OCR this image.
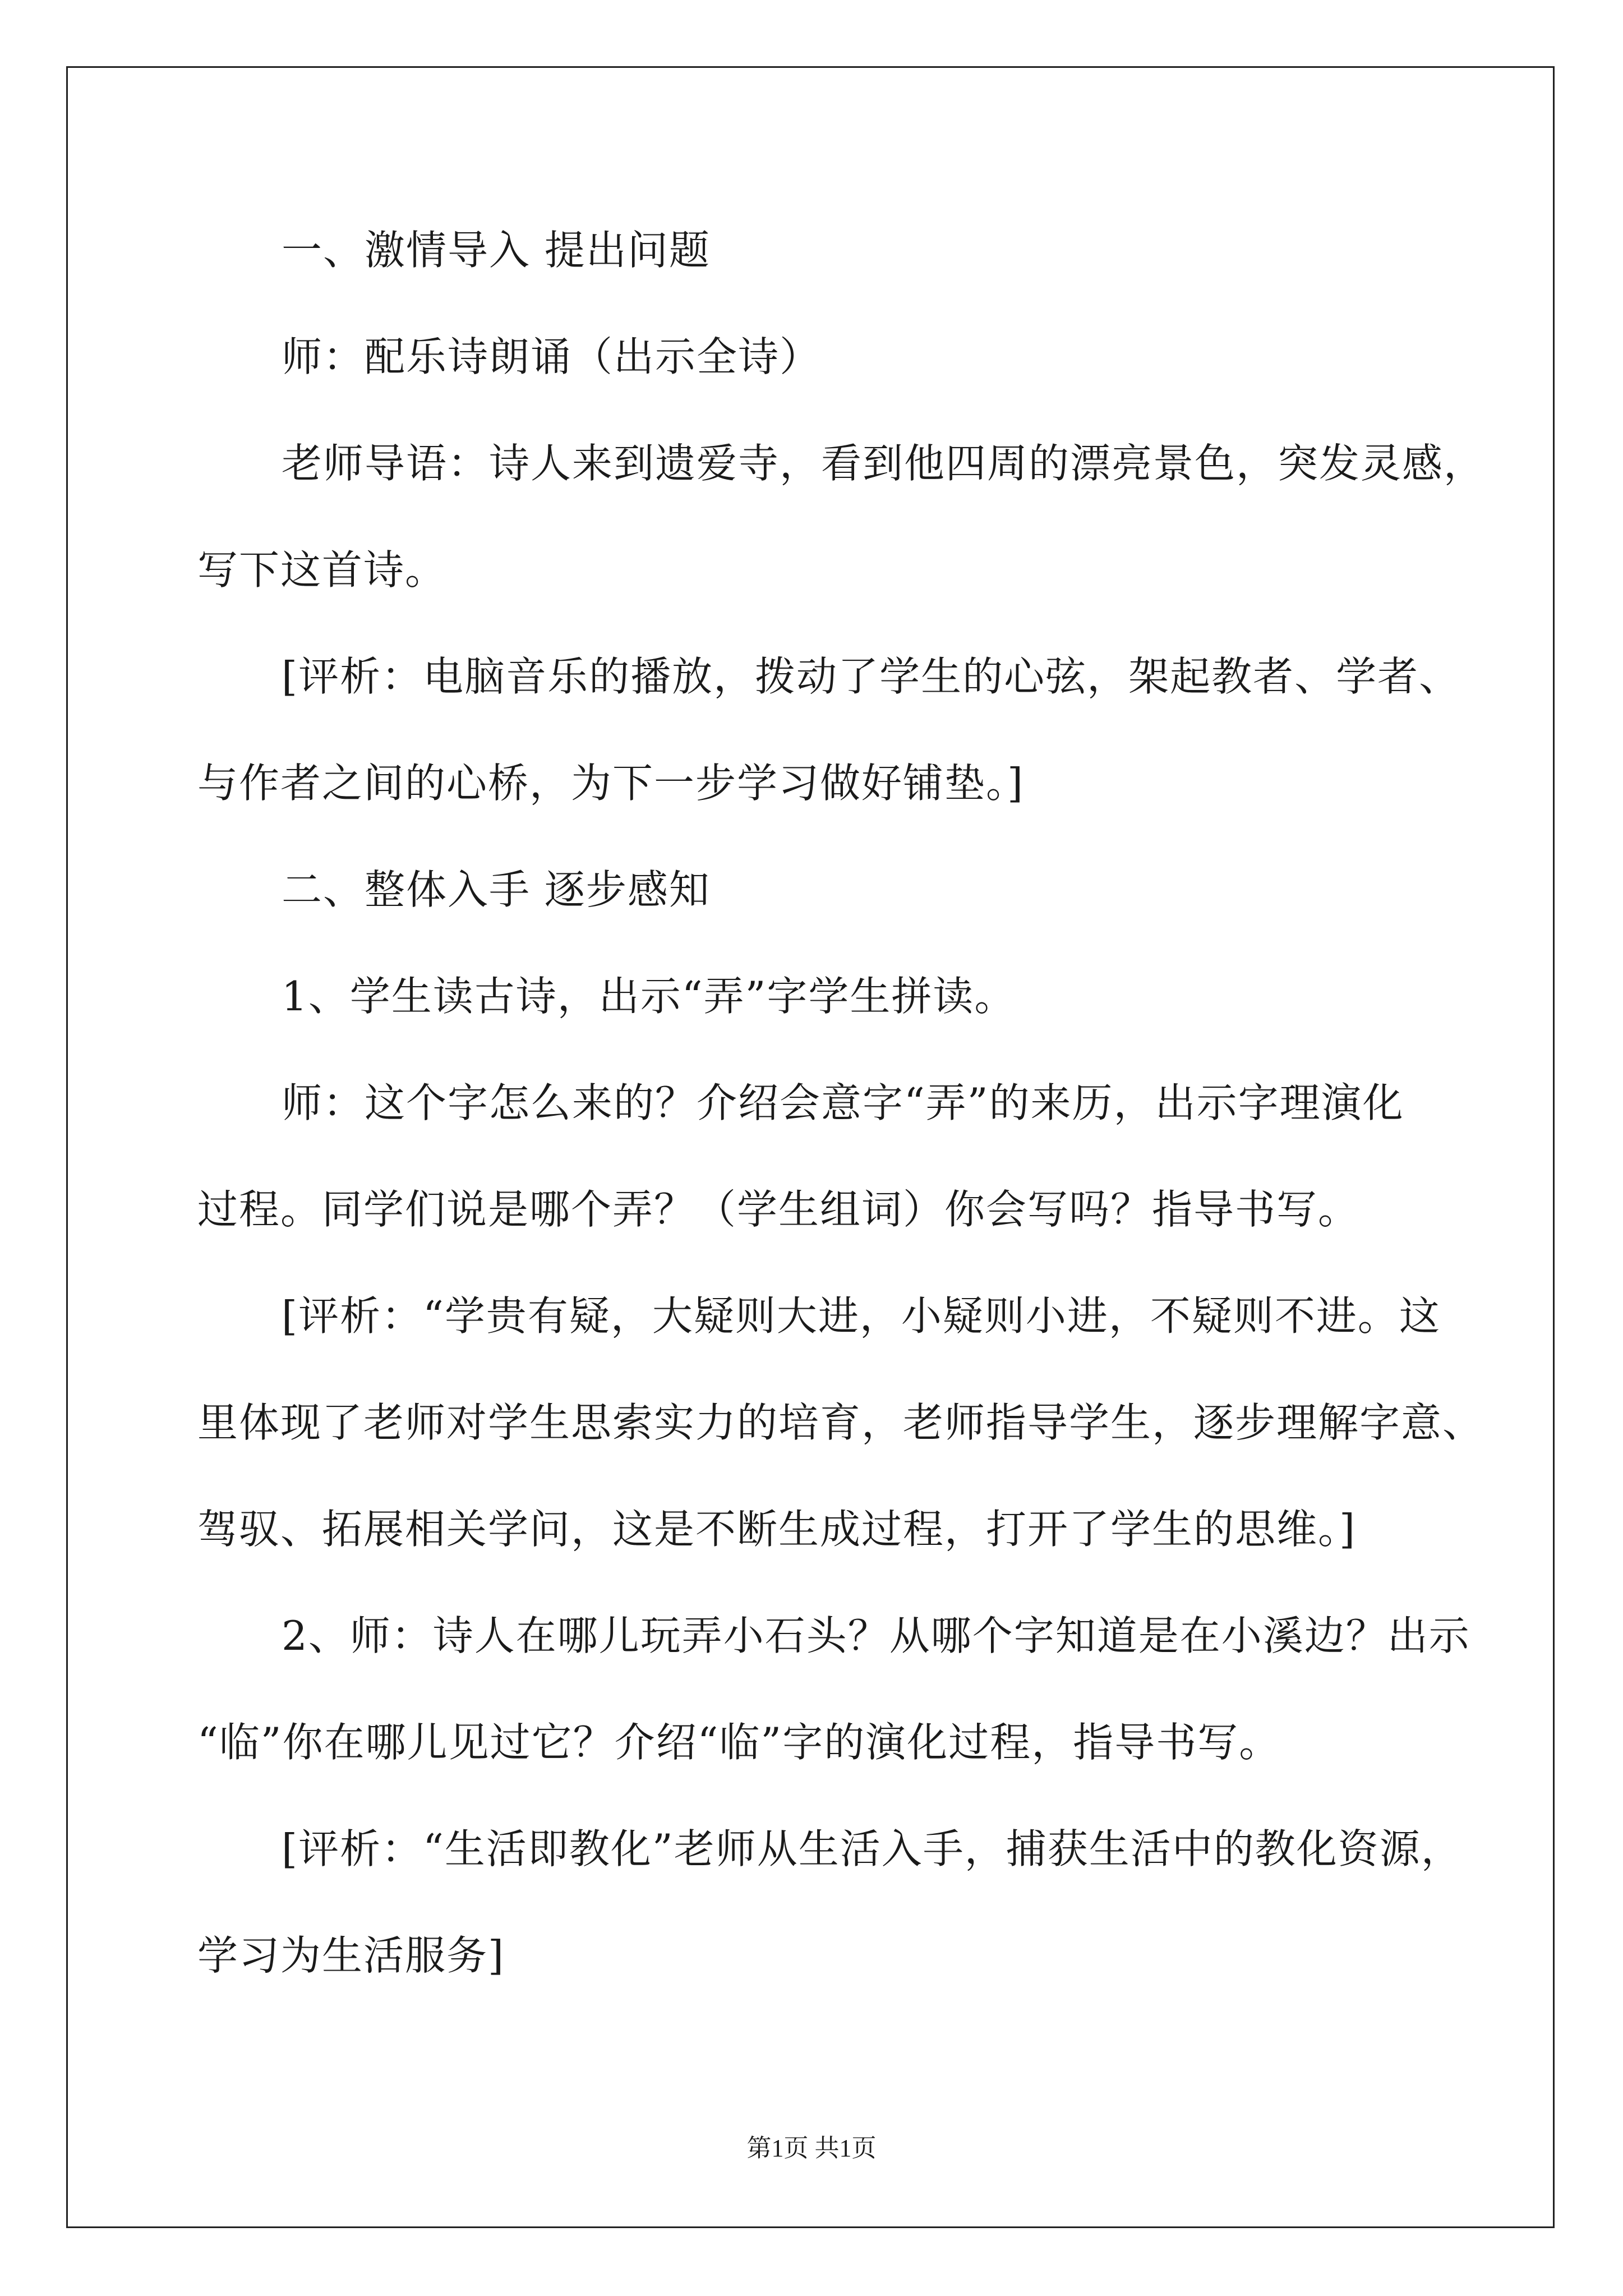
一、激情导入 提出问题

师：配乐诗朗诵（出示全诗）

老师导语：诗人来到遗爱寺，看到他四周的漂亮景色，突发灵感，

写下这首诗。

[评析：电脑音乐的播放，拨动了学生的心弦，架起教者、学者、

与作者之间的心桥，为下一步学习做好铺垫。]

二、整体入手 逐步感知

1、学生读古诗，出示“弄”字学生拼读。

师：这个字怎么来的？介绍会意字“弄”的来历，出示字理演化

过程。同学们说是哪个弄？（学生组词）你会写吗？指导书写。

[评析：“学贵有疑，大疑则大进，小疑则小进，不疑则不进。这

里体现了老师对学生思索实力的培育，老师指导学生，逐步理解字意、

驾驭、拓展相关学问，这是不断生成过程，打开了学生的思维。]

2、师：诗人在哪儿玩弄小石头？从哪个字知道是在小溪边？出示

“临”你在哪儿见过它？介绍“临”字的演化过程，指导书写。

[评析：“生活即教化”老师从生活入手，捕获生活中的教化资源，

学习为生活服务]

第1页 共1页
